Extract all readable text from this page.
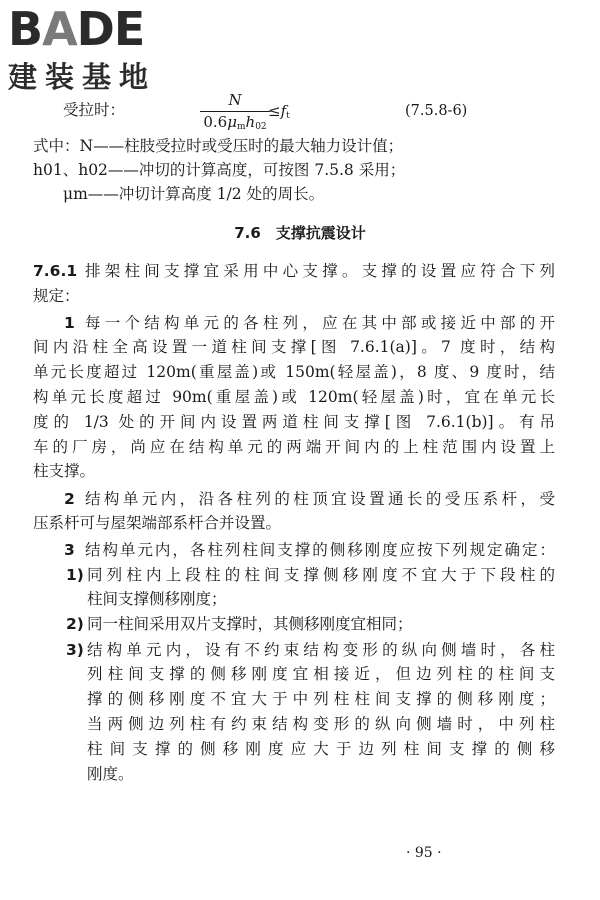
BADE
建装基地
受拉时：
N
$0.6\mu_mh_{02}$
$\le f_t$	(7.5.8-6)
式中：N——柱肢受拉时或受压时的最大轴力设计值；
h01、h02——冲切的计算高度，可按图 7.5.8 采用；
μm——冲切计算高度 1/2 处的周长。
7.6　支撑抗震设计
7.6.1 排架柱间支撑宜采用中心支撑。支撑的设置应符合下列
规定：
1 每一个结构单元的各柱列，应在其中部或接近中部的开
间内沿柱全高设置一道柱间支撑[图 7.6.1(a)]。7 度时，结构
单元长度超过 120m(重屋盖)或 150m(轻屋盖)，8 度、9 度时，结
构单元长度超过 90m(重屋盖)或 120m(轻屋盖)时，宜在单元长
度的 1/3 处的开间内设置两道柱间支撑[图 7.6.1(b)]。有吊
车的厂房，尚应在结构单元的两端开间内的上柱范围内设置上
柱支撑。
2 结构单元内，沿各柱列的柱顶宜设置通长的受压系杆，受
压系杆可与屋架端部系杆合并设置。
3 结构单元内，各柱列柱间支撑的侧移刚度应按下列规定确定：
1) 同列柱内上段柱的柱间支撑侧移刚度不宜大于下段柱的
柱间支撑侧移刚度；
2) 同一柱间采用双片支撑时，其侧移刚度宜相同；
3) 结构单元内，设有不约束结构变形的纵向侧墙时，各柱
列柱间支撑的侧移刚度宜相接近，但边列柱的柱间支
撑的侧移刚度不宜大于中列柱柱间支撑的侧移刚度；
当两侧边列柱有约束结构变形的纵向侧墙时，中列柱
柱间支撑的侧移刚度应大于边列柱间支撑的侧移
刚度。
· 95 ·
